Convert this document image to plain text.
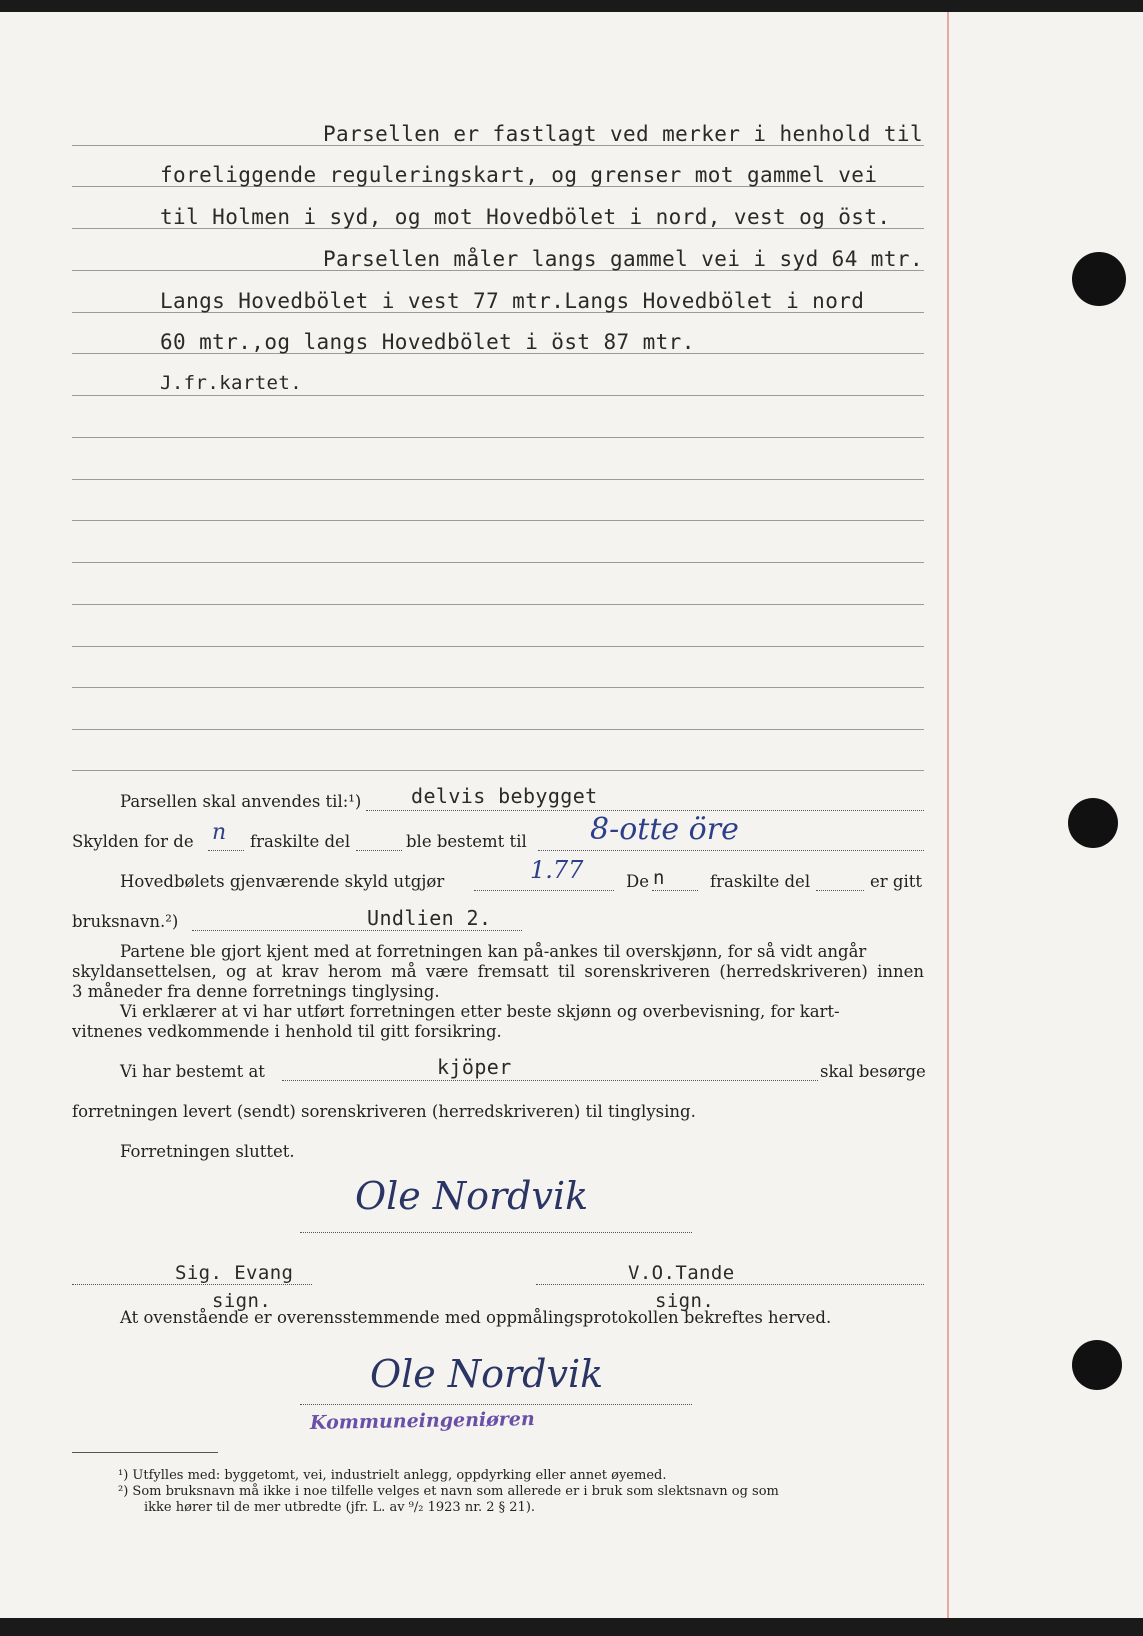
Parsellen er fastlagt ved merker i henhold til
foreliggende reguleringskart, og grenser mot gammel vei
til Holmen i syd, og mot Hovedbölet i nord, vest og öst.
Parsellen måler langs gammel vei i syd 64 mtr.
Langs Hovedbölet i vest 77 mtr.Langs Hovedbölet i nord
60 mtr.,og langs Hovedbölet i öst 87 mtr.
J.fr.kartet.
Parsellen skal anvendes til:¹) delvis bebygget
Skylden for de n fraskilte del	ble bestemt til 8-otte öre
Hovedbølets gjenværende skyld utgjør	1.77	De n	fraskilte del	er gitt
bruksnavn.²)	Undlien 2.
Partene ble gjort kjent med at forretningen kan på-ankes til overskjønn, for så vidt angår
skyldansettelsen, og at krav herom må være fremsatt til sorenskriveren (herredskriveren) innen
3 måneder fra denne forretnings tinglysing.
Vi erklærer at vi har utført forretningen etter beste skjønn og overbevisning, for kart-
vitnenes vedkommende i henhold til gitt forsikring.
Vi har bestemt at	kjöper	skal besørge
forretningen levert (sendt) sorenskriveren (herredskriveren) til tinglysing.
Forretningen sluttet.
Ole Nordvik
Sig. Evang
sign.
V.O.Tande
sign.
At ovenstående er overensstemmende med oppmålingsprotokollen bekreftes herved.
Ole Nordvik
Kommuneingeniøren
¹) Utfylles med: byggetomt, vei, industrielt anlegg, oppdyrking eller annet øyemed.
²) Som bruksnavn må ikke i noe tilfelle velges et navn som allerede er i bruk som slektsnavn og som
ikke hører til de mer utbredte (jfr. L. av ⁹/₂ 1923 nr. 2 § 21).
